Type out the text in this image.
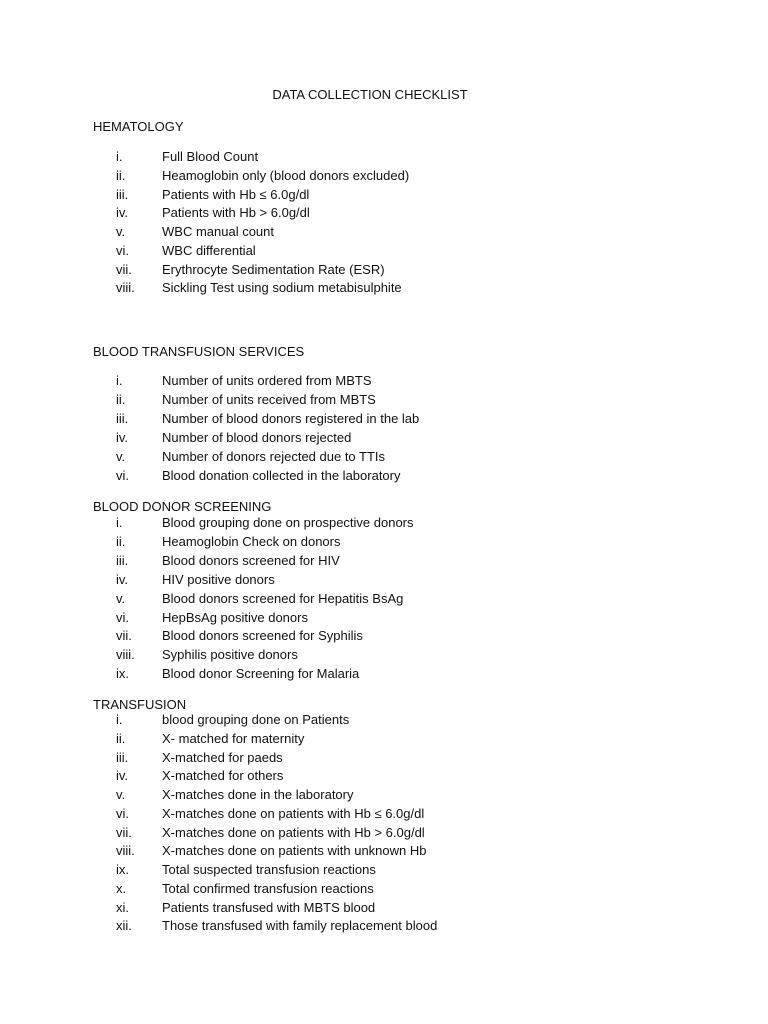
DATA COLLECTION CHECKLIST
HEMATOLOGY
i.	Full Blood Count
ii.	Heamoglobin only (blood donors excluded)
iii.	Patients with Hb ≤ 6.0g/dl
iv.	Patients with Hb > 6.0g/dl
v.	WBC manual count
vi.	WBC differential
vii. Erythrocyte Sedimentation Rate (ESR)
viii. Sickling Test using sodium metabisulphite
BLOOD TRANSFUSION SERVICES
i.	Number of units ordered from MBTS
ii.	Number of units received from MBTS
iii.	Number of blood donors registered in the lab
iv.	Number of blood donors rejected
v.	Number of donors rejected due to TTIs
vi.	Blood donation collected in the laboratory
BLOOD DONOR SCREENING
i.	Blood grouping done on prospective donors
ii.	Heamoglobin Check on donors
iii.	Blood donors screened for HIV
iv.	HIV positive donors
v.	Blood donors screened for Hepatitis BsAg
vi.	HepBsAg positive donors
vii. Blood donors screened for Syphilis
viii. Syphilis positive donors
ix.	Blood donor Screening for Malaria
TRANSFUSION
i.	blood grouping done on Patients
ii.	X- matched for maternity
iii.	X-matched for paeds
iv.	X-matched for others
v.	X-matches done in the laboratory
vi.	X-matches done on patients with Hb ≤ 6.0g/dl
vii. X-matches done on patients with Hb > 6.0g/dl
viii. X-matches done on patients with unknown Hb
ix.	Total suspected transfusion reactions
x.	Total confirmed transfusion reactions
xi.	Patients transfused with MBTS blood
xii. Those transfused with family replacement blood
